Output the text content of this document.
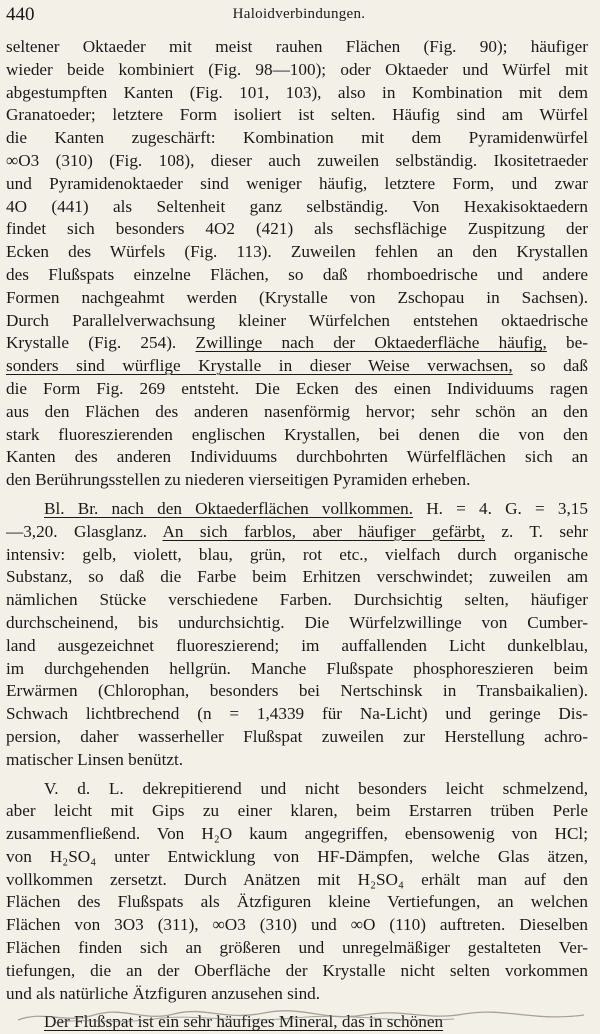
440	Haloidverbindungen.
seltener Oktaeder mit meist rauhen Flächen (Fig. 90); häufiger
wieder beide kombiniert (Fig. 98—100); oder Oktaeder und Würfel mit
abgestumpften Kanten (Fig. 101, 103), also in Kombination mit dem
Granatoeder; letztere Form isoliert ist selten. Häufig sind am Würfel
die Kanten zugeschärft: Kombination mit dem Pyramidenwürfel
∞O3 (310) (Fig. 108), dieser auch zuweilen selbständig. Ikositetraeder
und Pyramidenoktaeder sind weniger häufig, letztere Form, und zwar
4O (441) als Seltenheit ganz selbständig. Von Hexakisoktaedern
findet sich besonders 4O2 (421) als sechsflächige Zuspitzung der
Ecken des Würfels (Fig. 113). Zuweilen fehlen an den Krystallen
des Flußspats einzelne Flächen, so daß rhomboedrische und andere
Formen nachgeahmt werden (Krystalle von Zschopau in Sachsen).
Durch Parallelverwachsung kleiner Würfelchen entstehen oktaedrische
Krystalle (Fig. 254). Zwillinge nach der Oktaederfläche häufig, be-
sonders sind würflige Krystalle in dieser Weise verwachsen, so daß
die Form Fig. 269 entsteht. Die Ecken des einen Individuums ragen
aus den Flächen des anderen nasenförmig hervor; sehr schön an den
stark fluoreszierenden englischen Krystallen, bei denen die von den
Kanten des anderen Individuums durchbohrten Würfelflächen sich an
den Berührungsstellen zu niederen vierseitigen Pyramiden erheben.
Bl. Br. nach den Oktaederflächen vollkommen. H. = 4. G. = 3,15
—3,20. Glasglanz. An sich farblos, aber häufiger gefärbt, z. T. sehr
intensiv: gelb, violett, blau, grün, rot etc., vielfach durch organische
Substanz, so daß die Farbe beim Erhitzen verschwindet; zuweilen am
nämlichen Stücke verschiedene Farben. Durchsichtig selten, häufiger
durchscheinend, bis undurchsichtig. Die Würfelzwillinge von Cumber-
land ausgezeichnet fluoreszierend; im auffallenden Licht dunkelblau,
im durchgehenden hellgrün. Manche Flußspate phosphoreszieren beim
Erwärmen (Chlorophan, besonders bei Nertschinsk in Transbaikalien).
Schwach lichtbrechend (n = 1,4339 für Na-Licht) und geringe Dis-
persion, daher wasserheller Flußspat zuweilen zur Herstellung achro-
matischer Linsen benützt.
V. d. L. dekrepitierend und nicht besonders leicht schmelzend,
aber leicht mit Gips zu einer klaren, beim Erstarren trüben Perle
zusammenfließend. Von H₂O kaum angegriffen, ebensowenig von HCl;
von H₂SO₄ unter Entwicklung von HF-Dämpfen, welche Glas ätzen,
vollkommen zersetzt. Durch Anätzen mit H₂SO₄ erhält man auf den
Flächen des Flußspats als Ätzfiguren kleine Vertiefungen, an welchen
Flächen von 3O3 (311), ∞O3 (310) und ∞O (110) auftreten. Dieselben
Flächen finden sich an größeren und unregelmäßiger gestalteten Ver-
tiefungen, die an der Oberfläche der Krystalle nicht selten vorkommen
und als natürliche Ätzfiguren anzusehen sind.
Der Flußspat ist ein sehr häufiges Mineral, das in schönen
